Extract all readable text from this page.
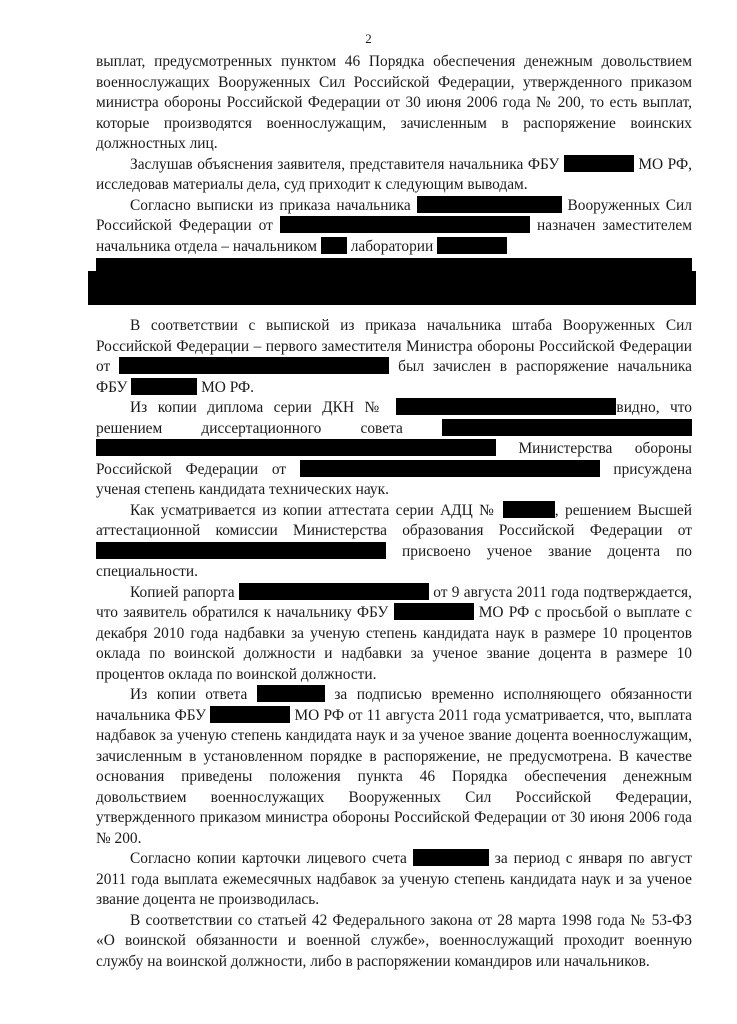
2

выплат, предусмотренных пунктом 46 Порядка обеспечения денежным довольствием военнослужащих Вооруженных Сил Российской Федерации, утвержденного приказом министра обороны Российской Федерации от 30 июня 2006 года № 200, то есть выплат, которые производятся военнослужащим, зачисленным в распоряжение воинских должностных лиц.

Заслушав объяснения заявителя, представителя начальника ФБУ	МО РФ, исследовав материалы дела, суд приходит к следующим выводам.

Согласно выписки из приказа начальника	Вооруженных Сил Российской Федерации от	назначен заместителем начальника отдела – начальником лаборатории

В соответствии с выпиской из приказа начальника штаба Вооруженных Сил Российской Федерации – первого заместителя Министра обороны Российской Федерации от	был зачислен в распоряжение начальника ФБУ	МО РФ.

Из копии диплома серии ДКН №	видно, что решением диссертационного совета   Министерства обороны Российской Федерации от	присуждена ученая степень кандидата технических наук.

Как усматривается из копии аттестата серии АДЦ №	, решением Высшей аттестационной комиссии Министерства образования Российской Федерации от  присвоено ученое звание доцента по специальности.

Копией рапорта	от 9 августа 2011 года подтверждается, что заявитель обратился к начальнику ФБУ	МО РФ с просьбой о выплате с декабря 2010 года надбавки за ученую степень кандидата наук в размере 10 процентов оклада по воинской должности и надбавки за ученое звание доцента в размере 10 процентов оклада по воинской должности.

Из копии ответа	за подписью временно исполняющего обязанности начальника ФБУ	МО РФ от 11 августа 2011 года усматривается, что, выплата надбавок за ученую степень кандидата наук и за ученое звание доцента военнослужащим, зачисленным в установленном порядке в распоряжение, не предусмотрена. В качестве основания приведены положения пункта 46 Порядка обеспечения денежным довольствием военнослужащих Вооруженных Сил Российской Федерации, утвержденного приказом министра обороны Российской Федерации от 30 июня 2006 года № 200.

Согласно копии карточки лицевого счета	за период с января по август 2011 года выплата ежемесячных надбавок за ученую степень кандидата наук и за ученое звание доцента не производилась.

В соответствии со статьей 42 Федерального закона от 28 марта 1998 года № 53-ФЗ «О воинской обязанности и военной службе», военнослужащий проходит военную службу на воинской должности, либо в распоряжении командиров или начальников.
